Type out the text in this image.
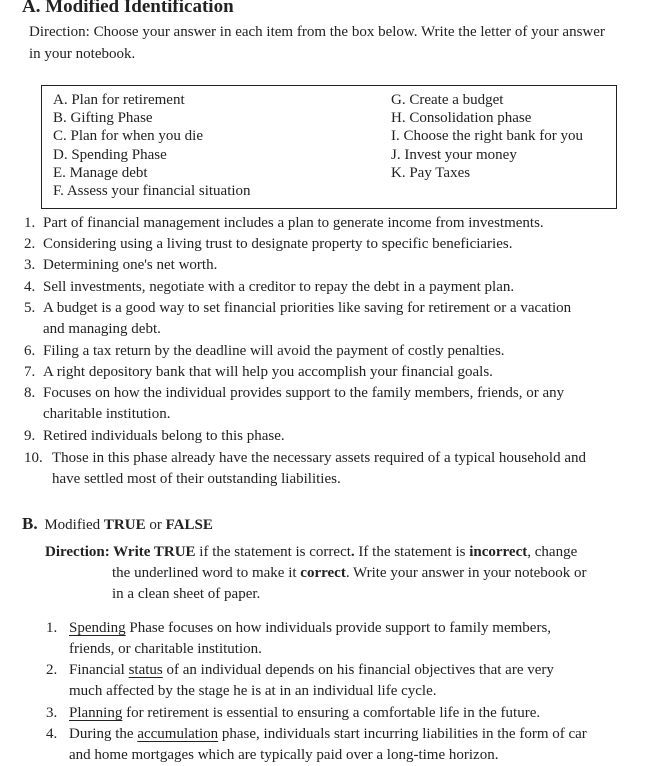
A. Modified Identification
Direction: Choose your answer in each item from the box below. Write the letter of your answer in your notebook.
A. Plan for retirement
B. Gifting Phase
C. Plan for when you die
D. Spending Phase
E. Manage debt
F. Assess your financial situation
G. Create a budget
H. Consolidation phase
I. Choose the right bank for you
J. Invest your money
K. Pay Taxes
1. Part of financial management includes a plan to generate income from investments.
2. Considering using a living trust to designate property to specific beneficiaries.
3. Determining one's net worth.
4. Sell investments, negotiate with a creditor to repay the debt in a payment plan.
5. A budget is a good way to set financial priorities like saving for retirement or a vacation
and managing debt.
6. Filing a tax return by the deadline will avoid the payment of costly penalties.
7. A right depository bank that will help you accomplish your financial goals.
8. Focuses on how the individual provides support to the family members, friends, or any
charitable institution.
9. Retired individuals belong to this phase.
10. Those in this phase already have the necessary assets required of a typical household and
have settled most of their outstanding liabilities.
B. Modified TRUE or FALSE
Direction: Write TRUE if the statement is correct. If the statement is incorrect, change
the underlined word to make it correct. Write your answer in your notebook or
in a clean sheet of paper.
1. Spending Phase focuses on how individuals provide support to family members,
friends, or charitable institution.
2. Financial status of an individual depends on his financial objectives that are very
much affected by the stage he is at in an individual life cycle.
3. Planning for retirement is essential to ensuring a comfortable life in the future.
4. During the accumulation phase, individuals start incurring liabilities in the form of car
and home mortgages which are typically paid over a long-time horizon.
